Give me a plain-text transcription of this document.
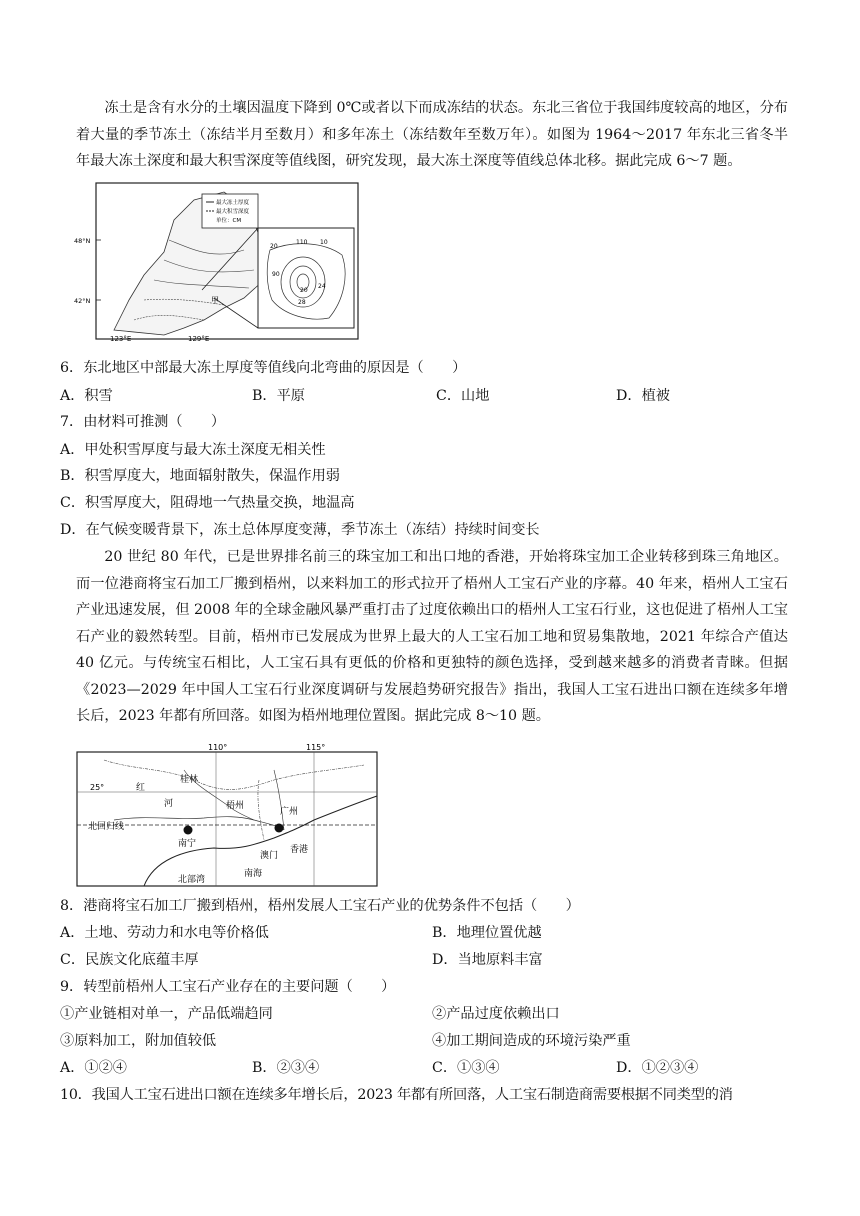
冻土是含有水分的土壤因温度下降到 0℃或者以下而成冻结的状态。东北三省位于我国纬度较高的地区，分布着大量的季节冻土（冻结半月至数月）和多年冻土（冻结数年至数万年）。如图为 1964～2017 年东北三省冬半年最大冻土深度和最大积雪深度等值线图，研究发现，最大冻土深度等值线总体北移。据此完成 6～7 题。
最大冻土厚度
最大积雪深度
单位：CM
甲
20
110
90
20
24
28
10
48°N
42°N
123°E	129°E
6．东北地区中部最大冻土厚度等值线向北弯曲的原因是（　　）
A．积雪	B．平原	C．山地	D．植被
7．由材料可推测（　　）
A．甲处积雪厚度与最大冻土深度无相关性
B．积雪厚度大，地面辐射散失，保温作用弱
C．积雪厚度大，阻碍地一气热量交换，地温高
D．在气候变暖背景下，冻土总体厚度变薄，季节冻土（冻结）持续时间变长
20 世纪 80 年代，已是世界排名前三的珠宝加工和出口地的香港，开始将珠宝加工企业转移到珠三角地区。而一位港商将宝石加工厂搬到梧州，以来料加工的形式拉开了梧州人工宝石产业的序幕。40 年来，梧州人工宝石产业迅速发展，但 2008 年的全球金融风暴严重打击了过度依赖出口的梧州人工宝石行业，这也促进了梧州人工宝石产业的毅然转型。目前，梧州市已发展成为世界上最大的人工宝石加工地和贸易集散地，2021 年综合产值达 40 亿元。与传统宝石相比，人工宝石具有更低的价格和更独特的颜色选择，受到越来越多的消费者青睐。但据《2023—2029 年中国人工宝石行业深度调研与发展趋势研究报告》指出，我国人工宝石进出口额在连续多年增长后，2023 年都有所回落。如图为梧州地理位置图。据此完成 8～10 题。
110°	115°
25°	红
桂林
河	梧州
广州
北回归线
南宁
澳门
香港
北部湾
南海
8．港商将宝石加工厂搬到梧州，梧州发展人工宝石产业的优势条件不包括（　　）
A．土地、劳动力和水电等价格低	B．地理位置优越
C．民族文化底蕴丰厚	D．当地原料丰富
9．转型前梧州人工宝石产业存在的主要问题（　　）
①产业链相对单一，产品低端趋同	②产品过度依赖出口
③原料加工，附加值较低	④加工期间造成的环境污染严重
A．①②④	B．②③④	C．①③④	D．①②③④
10．我国人工宝石进出口额在连续多年增长后，2023 年都有所回落，人工宝石制造商需要根据不同类型的消
